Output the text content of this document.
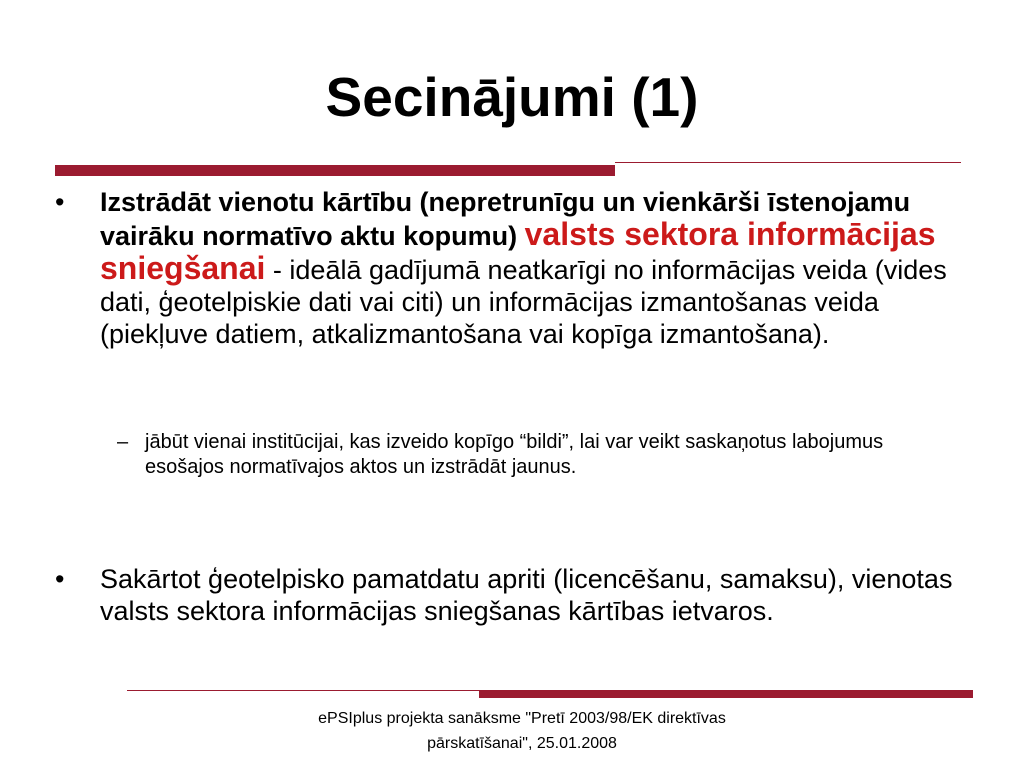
Secinājumi (1)
• Izstrādāt vienotu kārtību (nepretrunīgu un vienkārši īstenojamu vairāku normatīvo aktu kopumu) valsts sektora informācijas sniegšanai - ideālā gadījumā neatkarīgi no informācijas veida (vides dati, ģeotelpiskie dati vai citi) un informācijas izmantošanas veida (piekļuve datiem, atkalizmantošana vai kopīga izmantošana).
– jābūt vienai institūcijai, kas izveido kopīgo “bildi”, lai var veikt saskaņotus labojumus esošajos normatīvajos aktos un izstrādāt jaunus.
• Sakārtot ģeotelpisko pamatdatu apriti (licencēšanu, samaksu), vienotas valsts sektora informācijas sniegšanas kārtības ietvaros.
ePSIplus projekta sanāksme "Pretī 2003/98/EK direktīvas
pārskatīšanai", 25.01.2008
